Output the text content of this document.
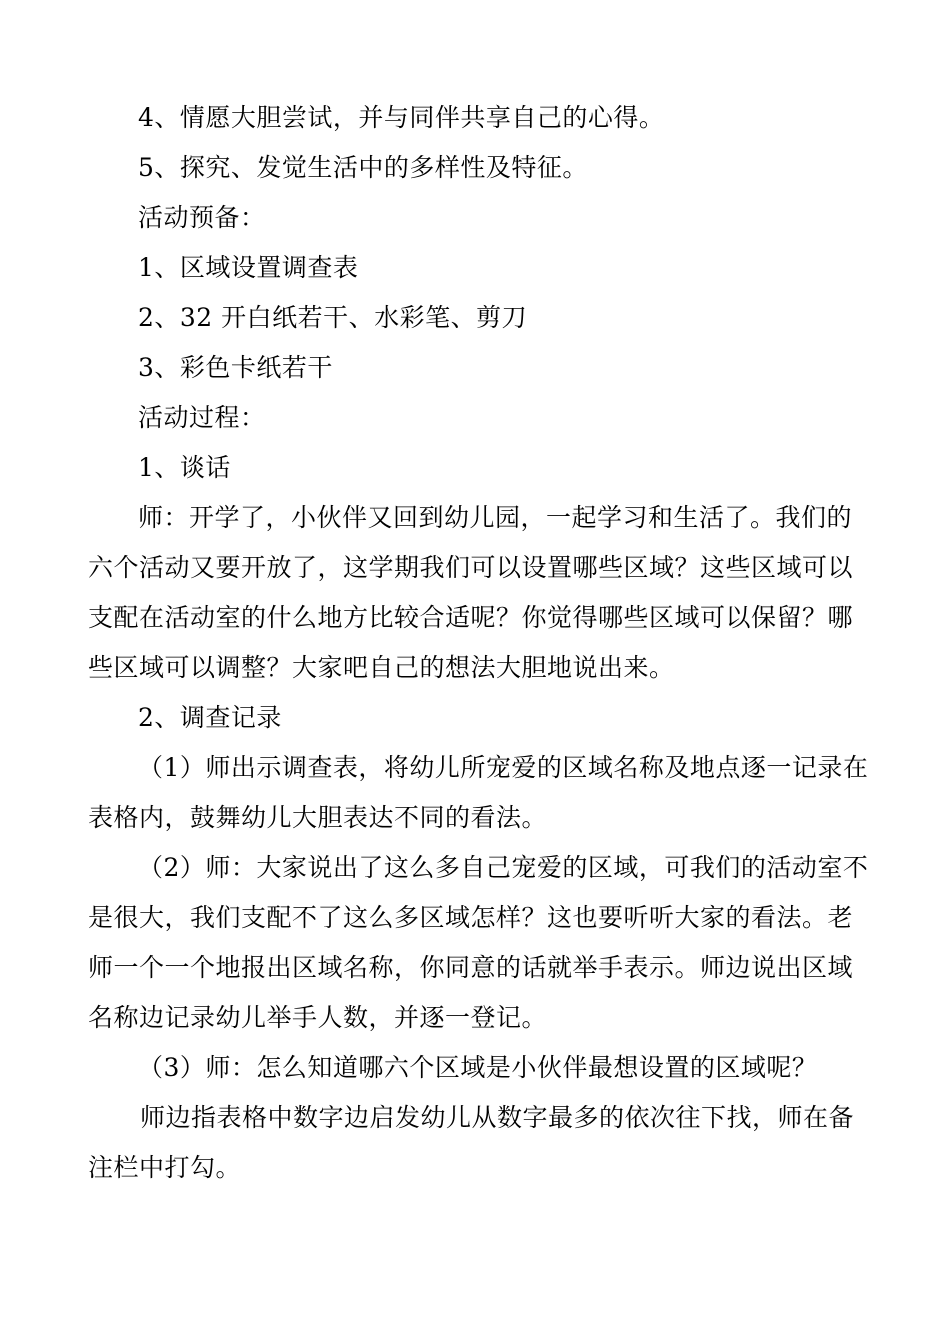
4、情愿大胆尝试，并与同伴共享自己的心得。
5、探究、发觉生活中的多样性及特征。
活动预备：
1、区域设置调查表
2、32 开白纸若干、水彩笔、剪刀
3、彩色卡纸若干
活动过程：
1、谈话
师：开学了，小伙伴又回到幼儿园，一起学习和生活了。我们的
六个活动又要开放了，这学期我们可以设置哪些区域？这些区域可以
支配在活动室的什么地方比较合适呢？你觉得哪些区域可以保留？哪
些区域可以调整？大家吧自己的想法大胆地说出来。
2、调查记录
（1）师出示调查表，将幼儿所宠爱的区域名称及地点逐一记录在
表格内，鼓舞幼儿大胆表达不同的看法。
（2）师：大家说出了这么多自己宠爱的区域，可我们的活动室不
是很大，我们支配不了这么多区域怎样？这也要听听大家的看法。老
师一个一个地报出区域名称，你同意的话就举手表示。师边说出区域
名称边记录幼儿举手人数，并逐一登记。
（3）师：怎么知道哪六个区域是小伙伴最想设置的区域呢？
师边指表格中数字边启发幼儿从数字最多的依次往下找，师在备
注栏中打勾。
